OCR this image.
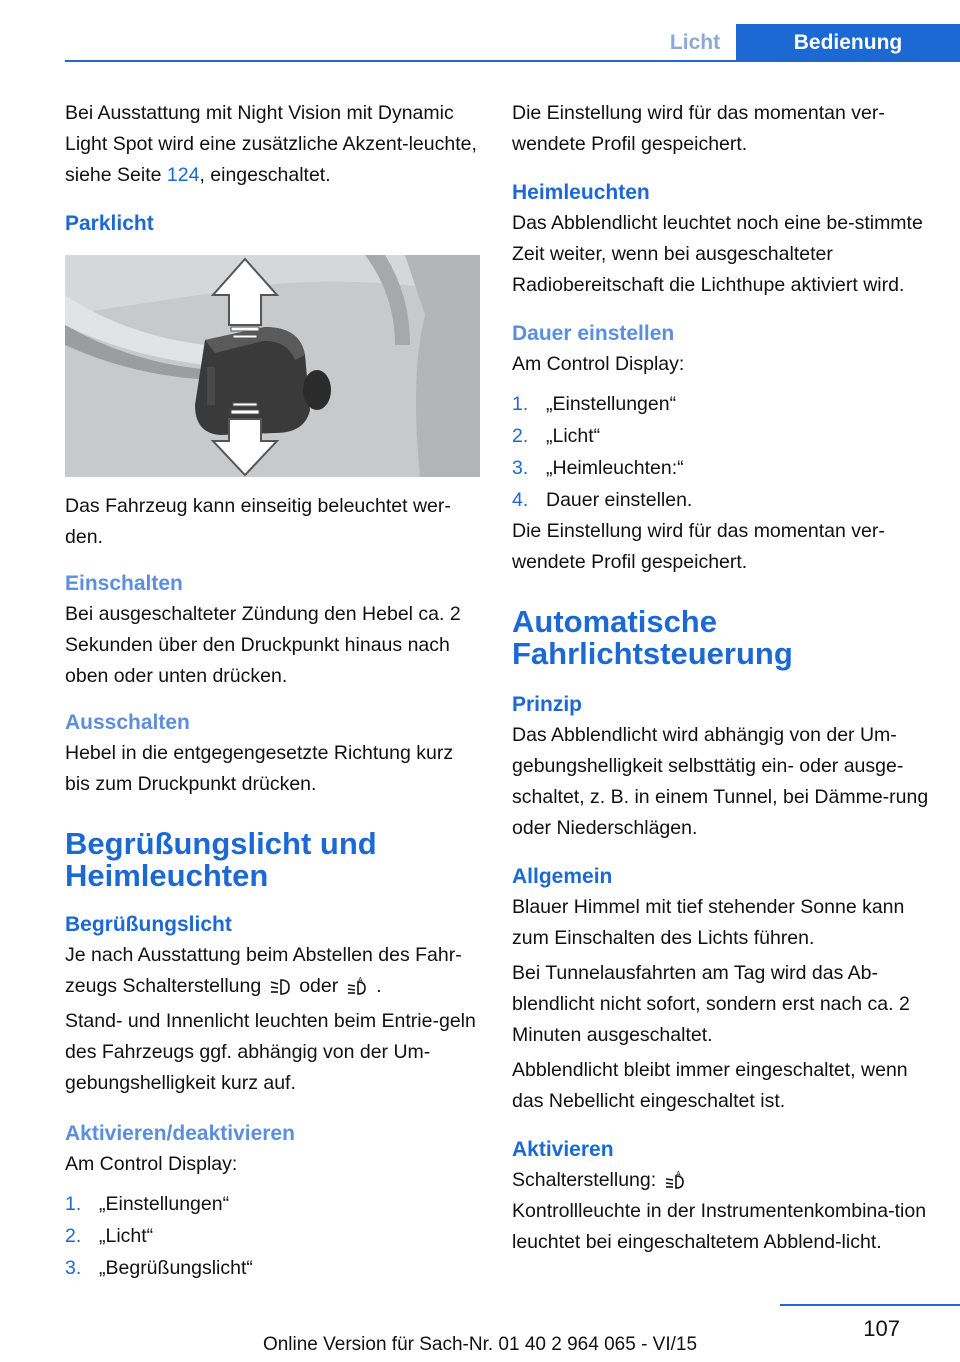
Licht	Bedienung

Bei Ausstattung mit Night Vision mit Dynamic Light Spot wird eine zusätzliche Akzent‐leuchte, siehe Seite 124, eingeschaltet.

Parklicht

Das Fahrzeug kann einseitig beleuchtet wer‐den.

Einschalten

Bei ausgeschalteter Zündung den Hebel ca. 2 Sekunden über den Druckpunkt hinaus nach oben oder unten drücken.

Ausschalten

Hebel in die entgegengesetzte Richtung kurz bis zum Druckpunkt drücken.

Begrüßungslicht und
Heimleuchten
Begrüßungslicht

Je nach Ausstattung beim Abstellen des Fahr‐zeugs Schalterstellung oder	A .

Stand- und Innenlicht leuchten beim Entrie‐geln des Fahrzeugs ggf. abhängig von der Um‐gebungshelligkeit kurz auf.

Aktivieren/deaktivieren

Am Control Display:

1. „Einstellungen“
2. „Licht“
3. „Begrüßungslicht“

Die Einstellung wird für das momentan ver‐wendete Profil gespeichert.

Heimleuchten

Das Abblendlicht leuchtet noch eine be‐stimmte Zeit weiter, wenn bei ausgeschalteter Radiobereitschaft die Lichthupe aktiviert wird.

Dauer einstellen

Am Control Display:

1. „Einstellungen“
2. „Licht“
3. „Heimleuchten:“
4. Dauer einstellen.

Die Einstellung wird für das momentan ver‐wendete Profil gespeichert.

Automatische
Fahrlichtsteuerung
Prinzip

Das Abblendlicht wird abhängig von der Um‐gebungshelligkeit selbsttätig ein- oder ausge‐schaltet, z. B. in einem Tunnel, bei Dämme‐rung oder Niederschlägen.

Allgemein

Blauer Himmel mit tief stehender Sonne kann zum Einschalten des Lichts führen.

Bei Tunnelausfahrten am Tag wird das Ab‐blendlicht nicht sofort, sondern erst nach ca. 2 Minuten ausgeschaltet.

Abblendlicht bleibt immer eingeschaltet, wenn das Nebellicht eingeschaltet ist.

Aktivieren

Schalterstellung:	A

Kontrollleuchte in der Instrumentenkombina‐tion leuchtet bei eingeschaltetem Abblend‐licht.

107
Online Version für Sach-Nr. 01 40 2 964 065 - VI/15
